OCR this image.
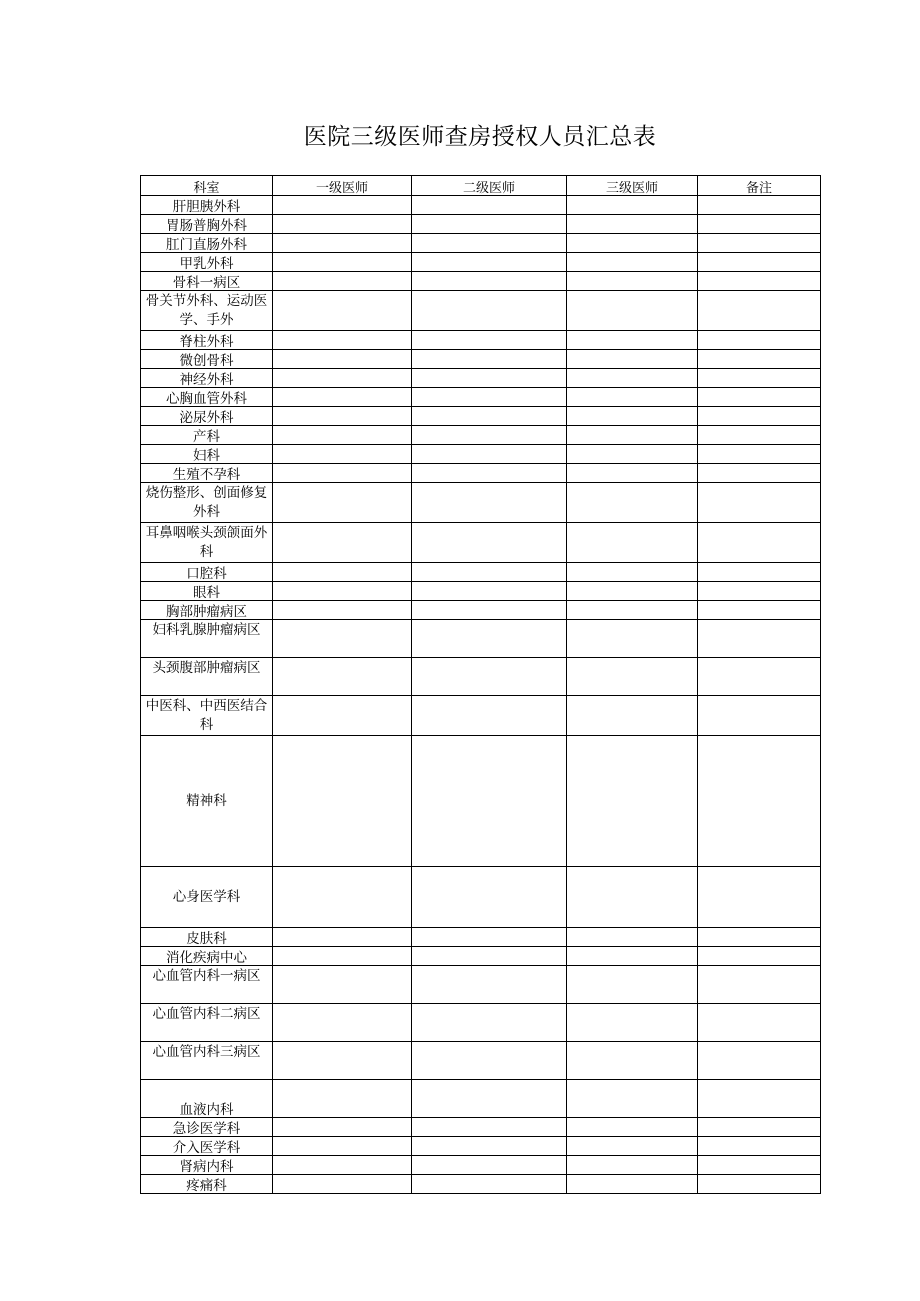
医院三级医师查房授权人员汇总表
科室	一级医师	二级医师	三级医师	备注
肝胆胰外科				
胃肠普胸外科				
肛门直肠外科				
甲乳外科				
骨科一病区				
骨关节外科、运动医学、手外				
脊柱外科				
微创骨科				
神经外科				
心胸血管外科				
泌尿外科				
产科				
妇科				
生殖不孕科				
烧伤整形、创面修复外科				
耳鼻咽喉头颈颌面外科				
口腔科				
眼科				
胸部肿瘤病区				
妇科乳腺肿瘤病区				
头颈腹部肿瘤病区				
中医科、中西医结合科				
精神科				
心身医学科				
皮肤科				
消化疾病中心				
心血管内科一病区				
心血管内科二病区				
心血管内科三病区				
血液内科				
急诊医学科				
介入医学科				
肾病内科				
疼痛科				
